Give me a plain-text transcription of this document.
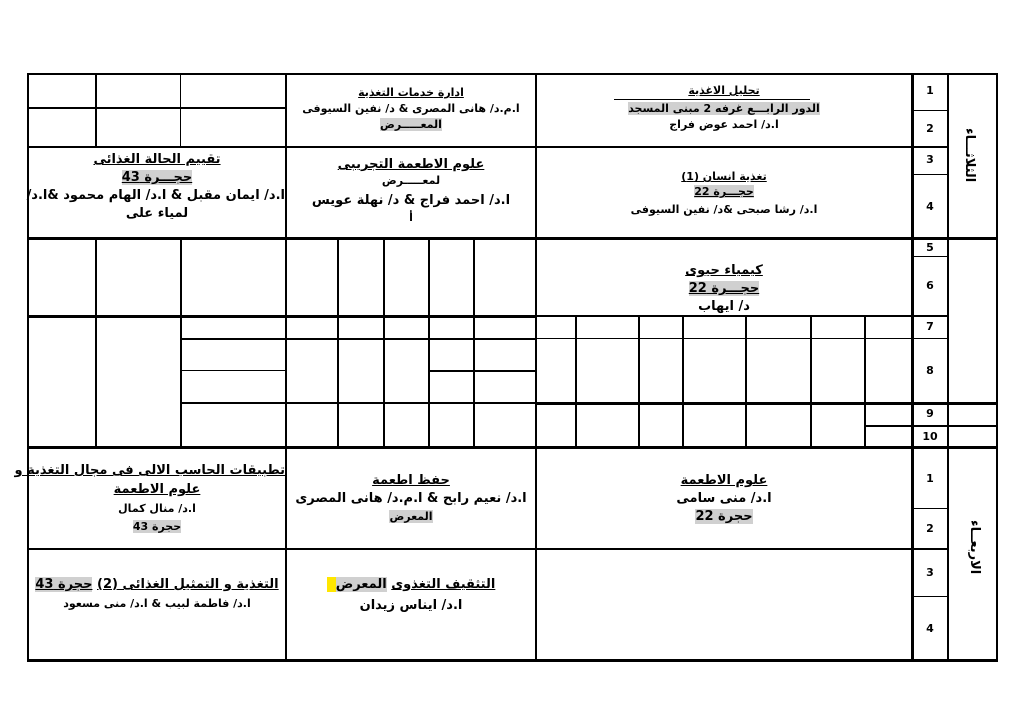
الثلاثـــاء
الاربعــاء
1
2
3
4
5
6
7
8
9
10
1
2
3
4
تحليل الاغذية
الدور الرابـــع غرفه 2 مبنى المسجد
ا.د/ احمد عوض فراج
ادارة خدمات التغذية
ا.م.د/ هانى المصرى & د/ نفين السيوفى
المعـــــرض
تغذية انسان (1)
حجـــرة 22
ا.د/ رشا صبحى &د/ نفين السيوفى
علوم الاطعمة التجريبى
لمعـــــرض
ا.د/ احمد فراج & د/ نهلة عويس
أ
تقييم الحالة الغذائى
حجـــرة 43
ا.د/ ايمان مقبل & ا.د/ الهام محمود &ا.د/
لمياء على
كيمياء حيوى
حجـــرة 22
د/ ايهاب
علوم الاطعمة
ا.د/ منى سامى
حجرة 22
حفظ اطعمة
ا.د/ نعيم رابح & ا.م.د/ هانى المصرى
المعرض
تطبيقات الحاسب الالى فى مجال التغذية و
علوم الاطعمة
ا.د/ منال كمال
حجرة 43
التثقيف التغذوى المعرض
ا.د/ ايناس زيدان
التغذية و التمثيل الغذائى (2) حجرة 43
ا.د/ فاطمة لبيب & ا.د/ منى مسعود
